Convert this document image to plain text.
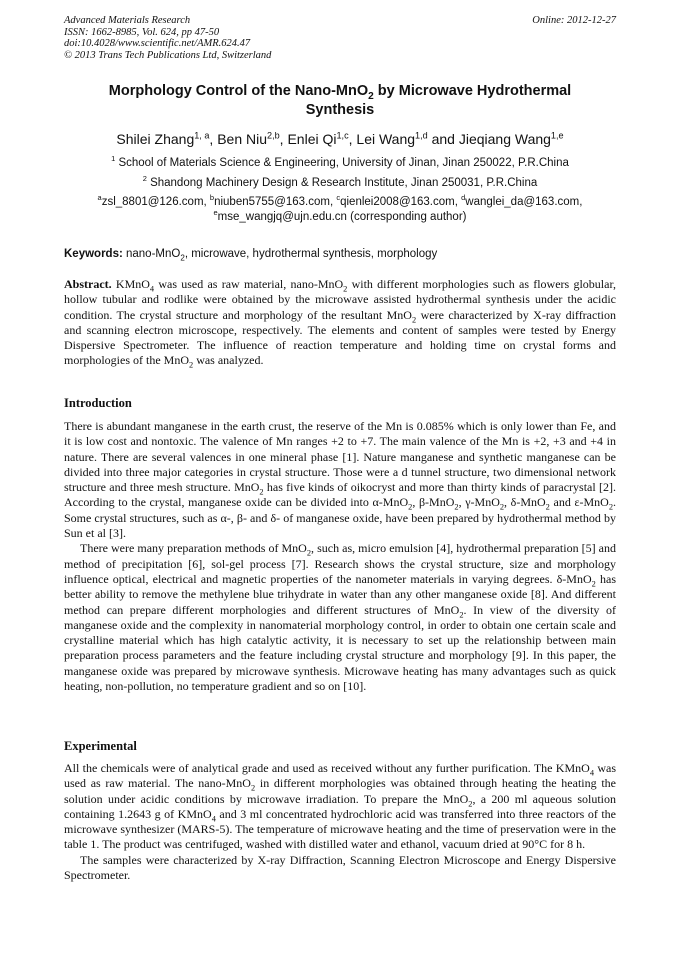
Advanced Materials Research
ISSN: 1662-8985, Vol. 624, pp 47-50
doi:10.4028/www.scientific.net/AMR.624.47
© 2013 Trans Tech Publications Ltd, Switzerland
Online: 2012-12-27
Morphology Control of the Nano-MnO$_2$ by Microwave Hydrothermal
Synthesis
Shilei Zhang$^{1, a}$, Ben Niu$^{2,b}$, Enlei Qi$^{1,c}$, Lei Wang$^{1,d}$ and Jieqiang Wang$^{1,e}$
$^1$ School of Materials Science & Engineering, University of Jinan, Jinan 250022, P.R.China
$^2$ Shandong Machinery Design & Research Institute, Jinan 250031, P.R.China
$^a$zsl_8801@126.com, $^b$niuben5755@163.com, $^c$qienlei2008@163.com, $^d$wanglei_da@163.com,
$^e$mse_wangjq@ujn.edu.cn (corresponding author)
Keywords: nano-MnO$_2$, microwave, hydrothermal synthesis, morphology

Abstract. KMnO$_4$ was used as raw material, nano-MnO$_2$ with different morphologies such as flowers globular, hollow tubular and rodlike were obtained by the microwave assisted hydrothermal synthesis under the acidic condition. The crystal structure and morphology of the resultant MnO$_2$ were characterized by X-ray diffraction and scanning electron microscope, respectively. The elements and content of samples were tested by Energy Dispersive Spectrometer. The influence of reaction temperature and holding time on crystal forms and morphologies of the MnO$_2$ was analyzed.

Introduction

There is abundant manganese in the earth crust, the reserve of the Mn is 0.085% which is only lower than Fe, and it is low cost and nontoxic. The valence of Mn ranges +2 to +7. The main valence of the Mn is +2, +3 and +4 in nature. There are several valences in one mineral phase [1]. Nature manganese and synthetic manganese can be divided into three major categories in crystal structure. Those were a d tunnel structure, two dimensional network structure and three mesh structure. MnO$_2$ has five kinds of oikocryst and more than thirty kinds of paracrystal [2]. According to the crystal, manganese oxide can be divided into α-MnO$_2$, β-MnO$_2$, γ-MnO$_2$, δ-MnO$_2$ and ε-MnO$_2$. Some crystal structures, such as α-, β- and δ- of manganese oxide, have been prepared by hydrothermal method by Sun et al [3].

There were many preparation methods of MnO$_2$, such as, micro emulsion [4], hydrothermal preparation [5] and method of precipitation [6], sol-gel process [7]. Research shows the crystal structure, size and morphology influence optical, electrical and magnetic properties of the nanometer materials in varying degrees. δ-MnO$_2$ has better ability to remove the methylene blue trihydrate in water than any other manganese oxide [8]. And different method can prepare different morphologies and different structures of MnO$_2$. In view of the diversity of manganese oxide and the complexity in nanomaterial morphology control, in order to obtain one certain scale and crystalline material which has high catalytic activity, it is necessary to set up the relationship between main preparation process parameters and the feature including crystal structure and morphology [9]. In this paper, the manganese oxide was prepared by microwave synthesis. Microwave heating has many advantages such as quick heating, non-pollution, no temperature gradient and so on [10].

Experimental

All the chemicals were of analytical grade and used as received without any further purification. The KMnO$_4$ was used as raw material. The nano-MnO$_2$ in different morphologies was obtained through heating the heating the solution under acidic conditions by microwave irradiation. To prepare the MnO$_2$, a 200 ml aqueous solution containing 1.2643 g of KMnO$_4$ and 3 ml concentrated hydrochloric acid was transferred into three reactors of the microwave synthesizer (MARS-5). The temperature of microwave heating and the time of preservation were in the table 1. The product was centrifuged, washed with distilled water and ethanol, vacuum dried at 90°C for 8 h.

The samples were characterized by X-ray Diffraction, Scanning Electron Microscope and Energy Dispersive Spectrometer.
